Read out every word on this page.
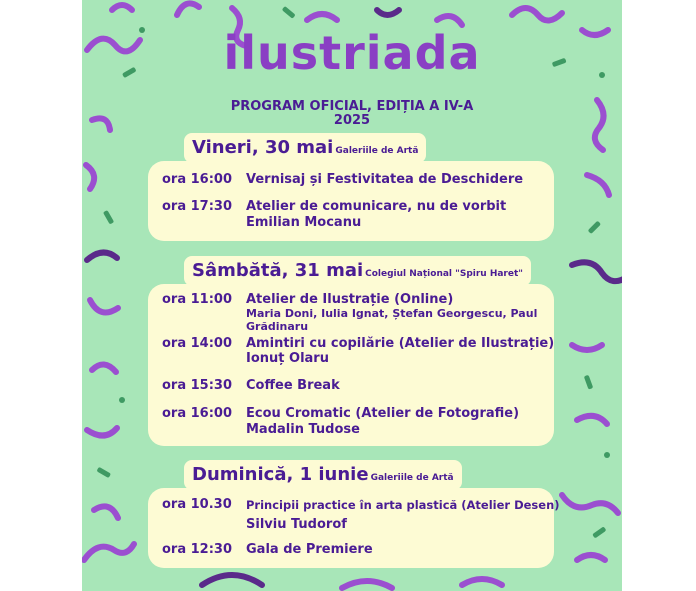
ilustriada
PROGRAM OFICIAL, EDIȚIA A IV-A
2025
Vineri, 30 mai Galeriile de Artă
ora 16:00	Vernisaj și Festivitatea de Deschidere
ora 17:30	Atelier de comunicare, nu de vorbit
Emilian Mocanu
Sâmbătă, 31 mai Colegiul Național "Spiru Haret"
ora 11:00	Atelier de Ilustrație (Online)
Maria Doni, Iulia Ignat, Ștefan Georgescu, Paul Grădinaru
ora 14:00	Amintiri cu copilărie (Atelier de Ilustrație)
Ionuț Olaru
ora 15:30	Coffee Break
ora 16:00	Ecou Cromatic (Atelier de Fotografie)
Madalin Tudose
Duminică, 1 iunie Galeriile de Artă
ora 10.30	Principii practice în arta plastică (Atelier Desen)
Silviu Tudorof
ora 12:30	Gala de Premiere
